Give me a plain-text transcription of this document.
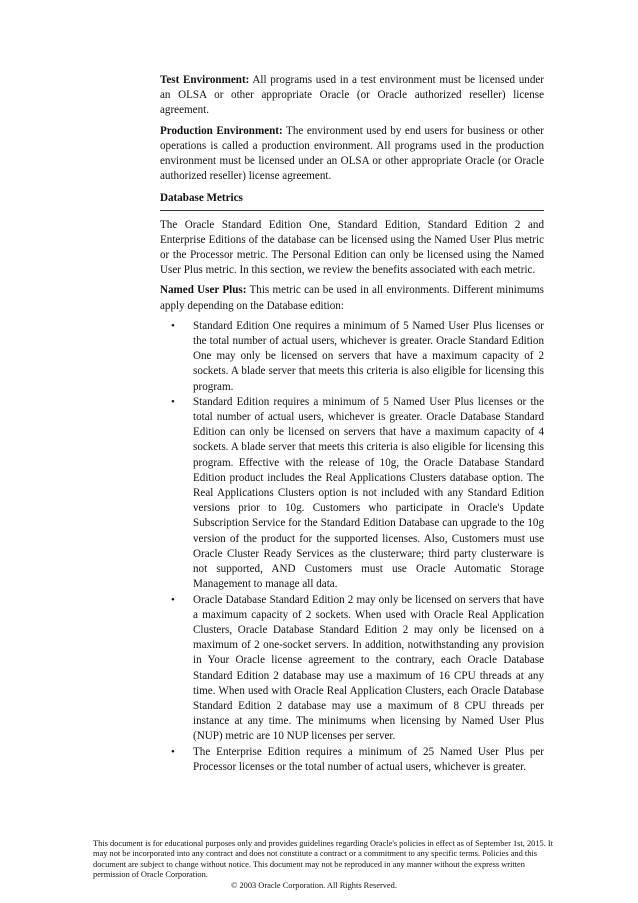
Test Environment: All programs used in a test environment must be licensed under an OLSA or other appropriate Oracle (or Oracle authorized reseller) license agreement.

Production Environment: The environment used by end users for business or other operations is called a production environment. All programs used in the production environment must be licensed under an OLSA or other appropriate Oracle (or Oracle authorized reseller) license agreement.

Database Metrics

The Oracle Standard Edition One, Standard Edition, Standard Edition 2 and Enterprise Editions of the database can be licensed using the Named User Plus metric or the Processor metric. The Personal Edition can only be licensed using the Named User Plus metric. In this section, we review the benefits associated with each metric.

Named User Plus: This metric can be used in all environments. Different minimums apply depending on the Database edition:

• Standard Edition One requires a minimum of 5 Named User Plus licenses or the total number of actual users, whichever is greater. Oracle Standard Edition One may only be licensed on servers that have a maximum capacity of 2 sockets. A blade server that meets this criteria is also eligible for licensing this program.
• Standard Edition requires a minimum of 5 Named User Plus licenses or the total number of actual users, whichever is greater. Oracle Database Standard Edition can only be licensed on servers that have a maximum capacity of 4 sockets. A blade server that meets this criteria is also eligible for licensing this program. Effective with the release of 10g, the Oracle Database Standard Edition product includes the Real Applications Clusters database option. The Real Applications Clusters option is not included with any Standard Edition versions prior to 10g. Customers who participate in Oracle's Update Subscription Service for the Standard Edition Database can upgrade to the 10g version of the product for the supported licenses. Also, Customers must use Oracle Cluster Ready Services as the clusterware; third party clusterware is not supported, AND Customers must use Oracle Automatic Storage Management to manage all data.
• Oracle Database Standard Edition 2 may only be licensed on servers that have a maximum capacity of 2 sockets. When used with Oracle Real Application Clusters, Oracle Database Standard Edition 2 may only be licensed on a maximum of 2 one-socket servers. In addition, notwithstanding any provision in Your Oracle license agreement to the contrary, each Oracle Database Standard Edition 2 database may use a maximum of 16 CPU threads at any time. When used with Oracle Real Application Clusters, each Oracle Database Standard Edition 2 database may use a maximum of 8 CPU threads per instance at any time. The minimums when licensing by Named User Plus (NUP) metric are 10 NUP licenses per server.
• The Enterprise Edition requires a minimum of 25 Named User Plus per Processor licenses or the total number of actual users, whichever is greater.
This document is for educational purposes only and provides guidelines regarding Oracle's policies in effect as of September 1st, 2015. It may not be incorporated into any contract and does not constitute a contract or a commitment to any specific terms. Policies and this document are subject to change without notice. This document may not be reproduced in any manner without the express written permission of Oracle Corporation.
© 2003 Oracle Corporation. All Rights Reserved.
